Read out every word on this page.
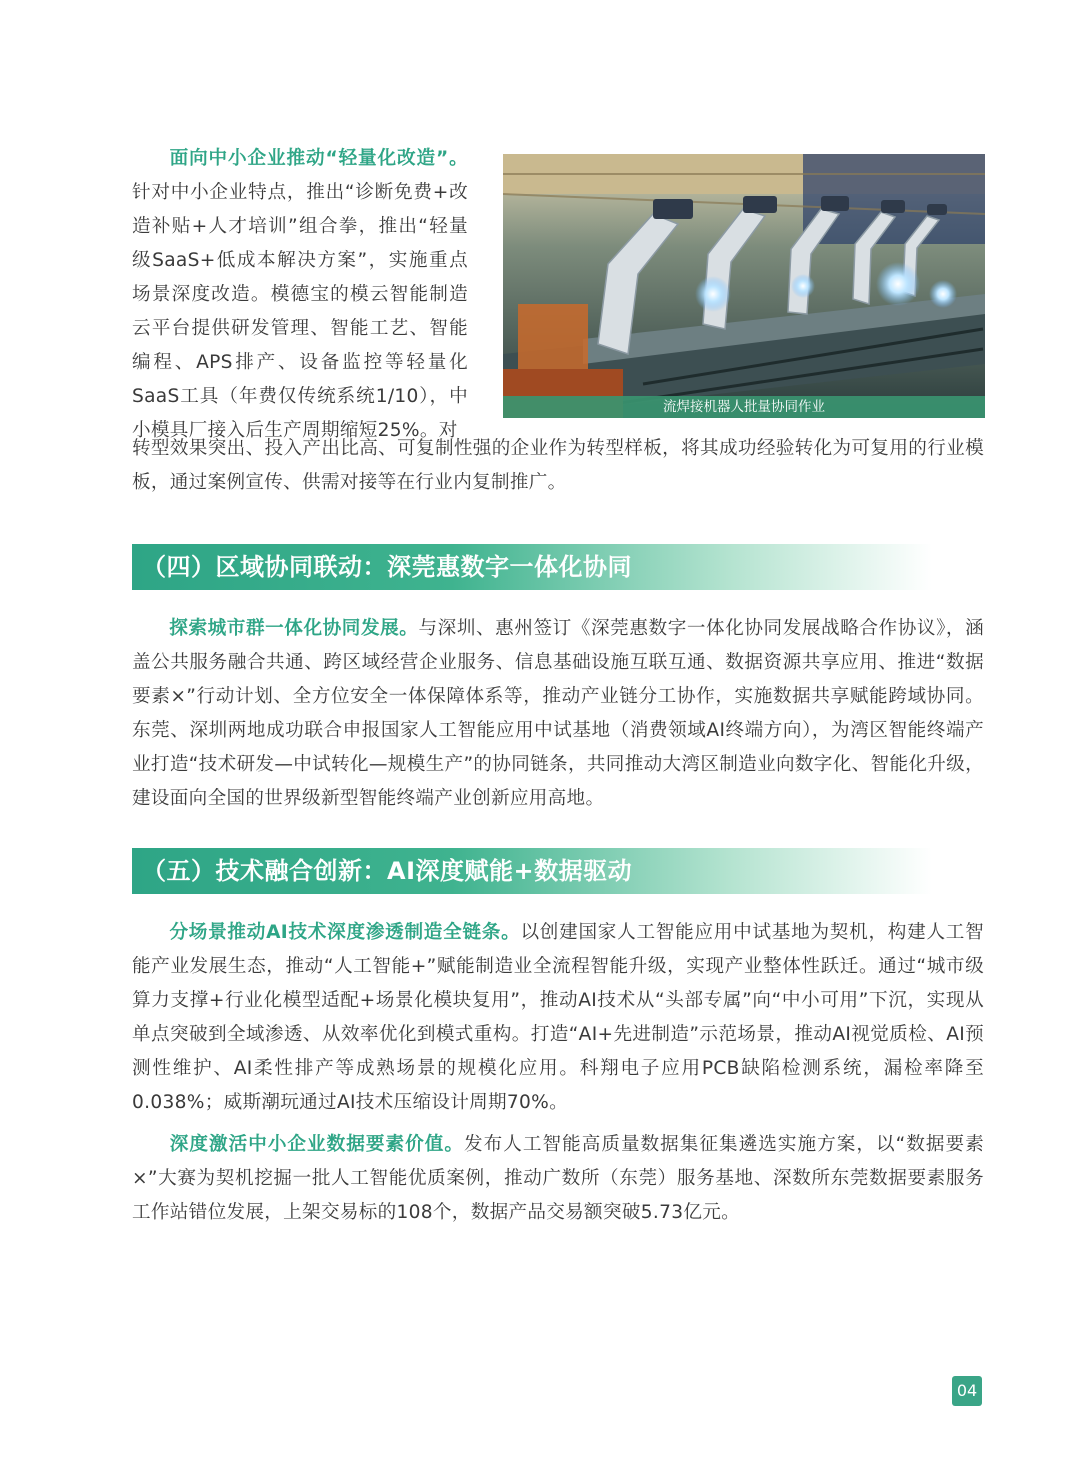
面向中小企业推动“轻量化改造”。针对中小企业特点，推出“诊断免费+改造补贴+人才培训”组合拳，推出“轻量级SaaS+低成本解决方案”，实施重点场景深度改造。模德宝的模云智能制造云平台提供研发管理、智能工艺、智能编程、APS排产、设备监控等轻量化SaaS工具（年费仅传统系统1/10），中小模具厂接入后生产周期缩短25%。对
流焊接机器人批量协同作业
转型效果突出、投入产出比高、可复制性强的企业作为转型样板，将其成功经验转化为可复用的行业模板，通过案例宣传、供需对接等在行业内复制推广。
（四）区域协同联动：深莞惠数字一体化协同
探索城市群一体化协同发展。与深圳、惠州签订《深莞惠数字一体化协同发展战略合作协议》，涵盖公共服务融合共通、跨区域经营企业服务、信息基础设施互联互通、数据资源共享应用、推进“数据要素×”行动计划、全方位安全一体保障体系等，推动产业链分工协作，实施数据共享赋能跨域协同。东莞、深圳两地成功联合申报国家人工智能应用中试基地（消费领域AI终端方向），为湾区智能终端产业打造“技术研发—中试转化—规模生产”的协同链条，共同推动大湾区制造业向数字化、智能化升级，建设面向全国的世界级新型智能终端产业创新应用高地。
（五）技术融合创新：AI深度赋能+数据驱动
分场景推动AI技术深度渗透制造全链条。以创建国家人工智能应用中试基地为契机，构建人工智能产业发展生态，推动“人工智能+”赋能制造业全流程智能升级，实现产业整体性跃迁。通过“城市级算力支撑+行业化模型适配+场景化模块复用”，推动AI技术从“头部专属”向“中小可用”下沉，实现从单点突破到全域渗透、从效率优化到模式重构。打造“AI+先进制造”示范场景，推动AI视觉质检、AI预测性维护、AI柔性排产等成熟场景的规模化应用。科翔电子应用PCB缺陷检测系统，漏检率降至0.038%；威斯潮玩通过AI技术压缩设计周期70%。
深度激活中小企业数据要素价值。发布人工智能高质量数据集征集遴选实施方案，以“数据要素×”大赛为契机挖掘一批人工智能优质案例，推动广数所（东莞）服务基地、深数所东莞数据要素服务工作站错位发展，上架交易标的108个，数据产品交易额突破5.73亿元。
04
